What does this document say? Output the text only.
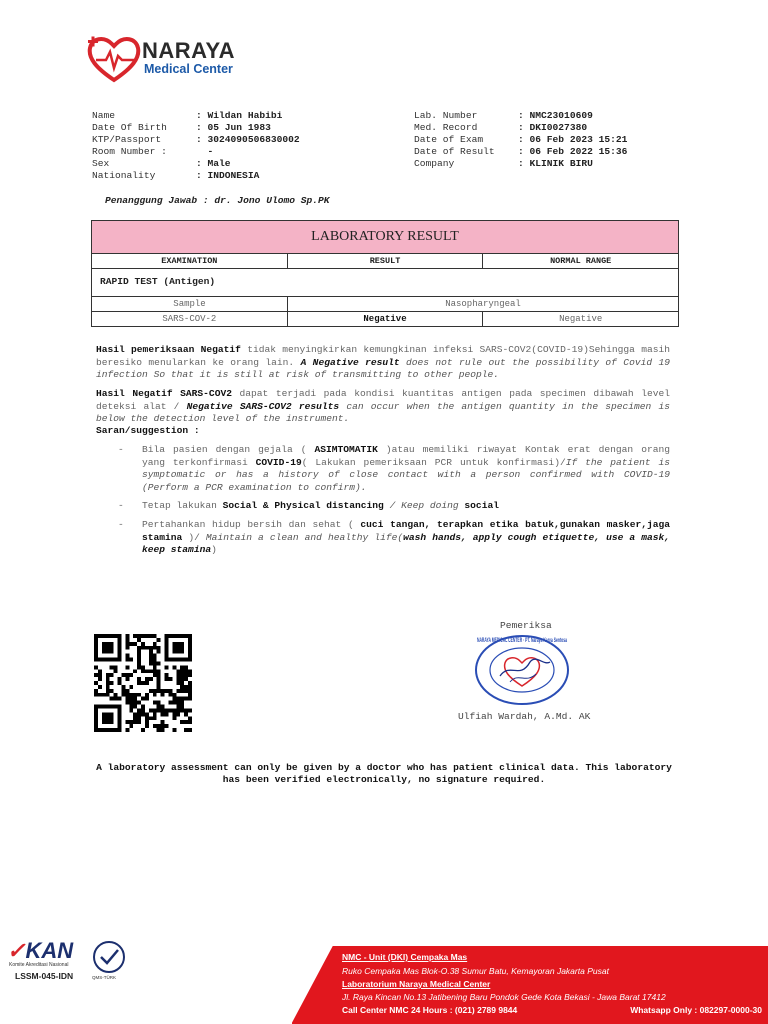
NARAYA
Medical Center
Name	: Wildan Habibi
Date Of Birth	: 05 Jun 1983
KTP/Passport	: 3024090506830002
Room Number :	-
Sex	: Male
Nationality	: INDONESIA
Lab. Number	: NMC23010609
Med. Record	: DKI0027380
Date of Exam	: 06 Feb 2023 15:21
Date of Result	: 06 Feb 2022 15:36
Company	: KLINIK BIRU
Penanggung Jawab : dr. Jono Ulomo Sp.PK
LABORATORY RESULT
EXAMINATION	RESULT	NORMAL RANGE
RAPID TEST (Antigen)
Sample	Nasopharyngeal
SARS-COV-2	Negative	Negative
Hasil pemeriksaan Negatif tidak menyingkirkan kemungkinan infeksi SARS-COV2(COVID-19)Sehingga masih beresiko menularkan ke orang lain. A Negative result does not rule out the possibility of Covid 19 infection So that it is still at risk of transmitting to other people.
Hasil Negatif SARS-COV2 dapat terjadi pada kondisi kuantitas antigen pada specimen dibawah level deteksi alat / Negative SARS-COV2 results can occur when the antigen quantity in the specimen is below the detection level of the instrument.
Saran/suggestion :
- Bila pasien dengan gejala ( ASIMTOMATIK )atau memiliki riwayat Kontak erat dengan orang yang terkonfirmasi COVID-19( Lakukan pemeriksaan PCR untuk konfirmasi)/If the patient is symptomatic or has a history of close contact with a person confirmed with COVID-19 (Perform a PCR examination to confirm).
- Tetap lakukan Social & Physical distancing / Keep doing social
- Pertahankan hidup bersih dan sehat ( cuci tangan, terapkan etika batuk,gunakan masker,jaga stamina )/ Maintain a clean and healthy life(wash hands, apply cough etiquette, use a mask, keep stamina)
Pemeriksa
NARAYA MEDICAL CENTER · PT. Naraya Karya Sentosa
Ulfiah Wardah, A.Md. AK
A laboratory assessment can only be given by a doctor who has patient clinical data. This laboratory has been verified electronically, no signature required.
✓KAN
Komite Akreditasi Nasional
LSSM-045-IDN	QMS-TÜRK
NMC - Unit (DKI) Cempaka Mas
Ruko Cempaka Mas Blok-O.38 Sumur Batu, Kemayoran Jakarta Pusat
Laboratorium Naraya Medical Center
Jl. Raya Kincan No.13 Jatibening Baru Pondok Gede Kota Bekasi - Jawa Barat 17412
Call Center NMC 24 Hours : (021) 2789 9844	Whatsapp Only : 082297-0000-30
